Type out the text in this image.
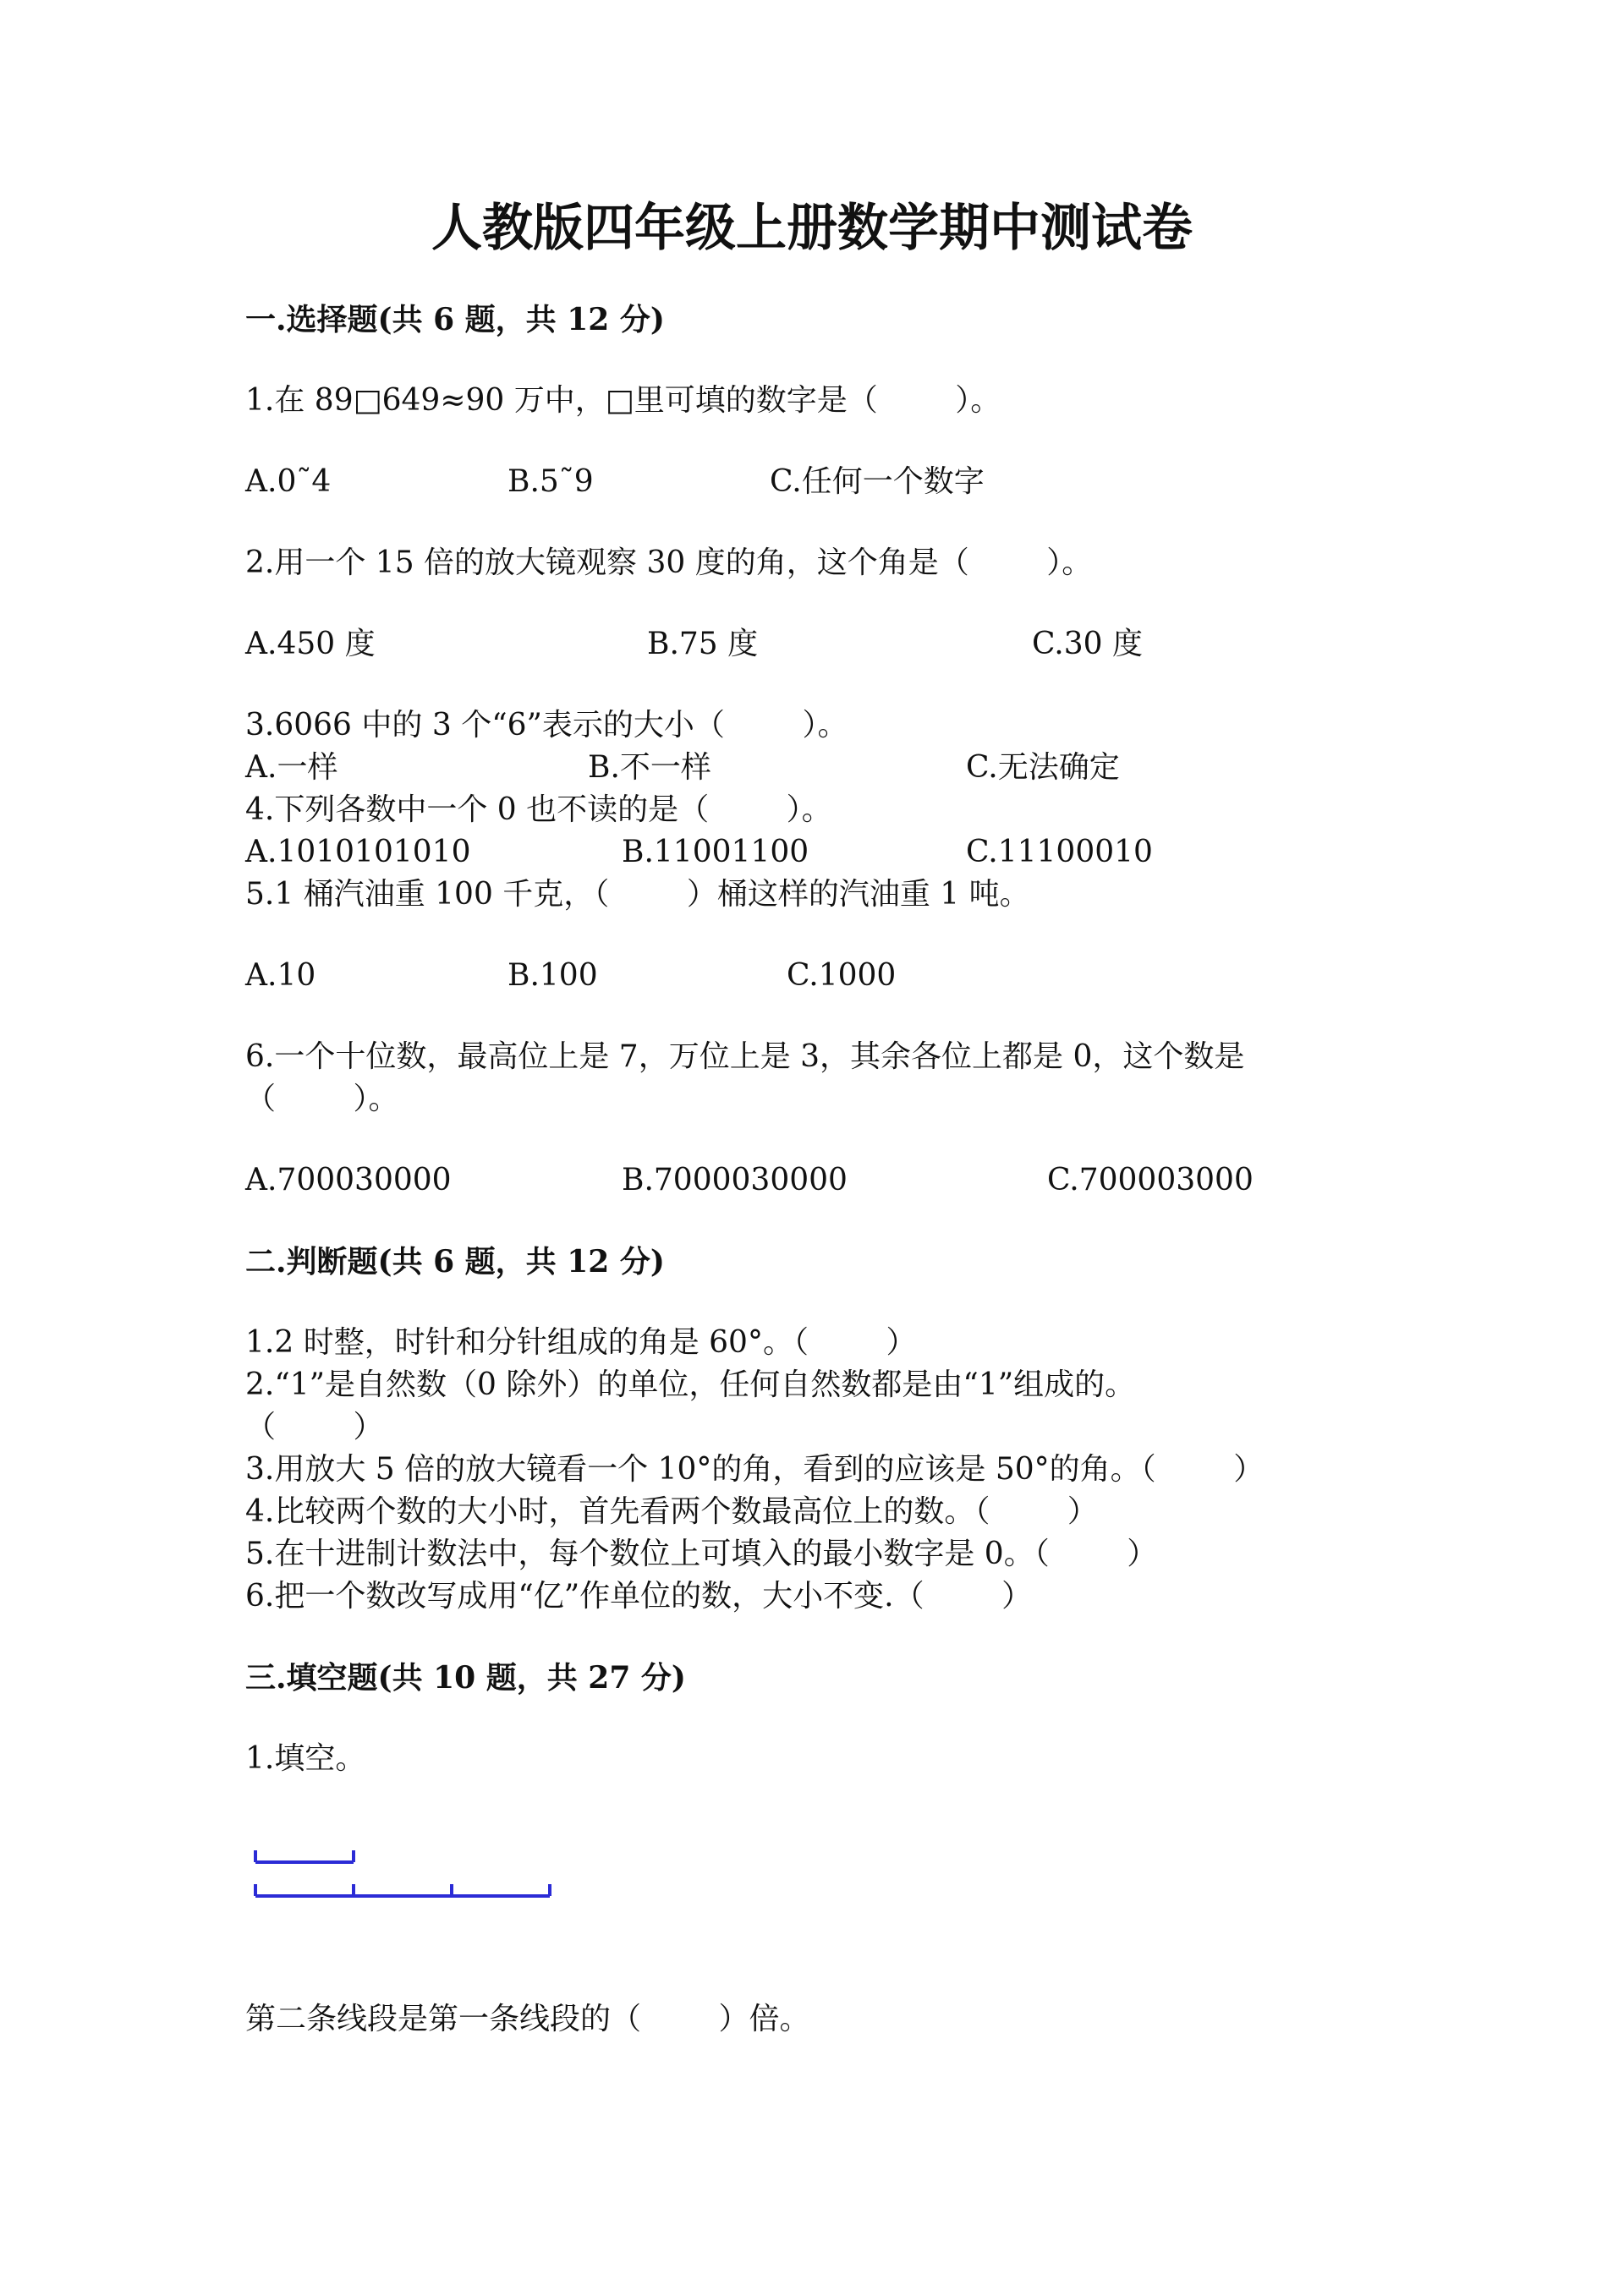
人教版四年级上册数学期中测试卷
一.选择题(共 6 题，共 12 分)
1.在 89□649≈90 万中，□里可填的数字是（        ）。
A.0˜4	B.5˜9	C.任何一个数字
2.用一个 15 倍的放大镜观察 30 度的角，这个角是（        ）。
A.450 度	B.75 度	C.30 度
3.6066 中的 3 个“6”表示的大小（        ）。
A.一样	B.不一样	C.无法确定
4.下列各数中一个 0 也不读的是（        ）。
A.1010101010	B.11001100	C.11100010
5.1 桶汽油重 100 千克，（        ）桶这样的汽油重 1 吨。
A.10	B.100	C.1000
6.一个十位数，最高位上是 7，万位上是 3，其余各位上都是 0，这个数是
（        ）。
A.700030000	B.7000030000	C.700003000
二.判断题(共 6 题，共 12 分)
1.2 时整，时针和分针组成的角是 60°。（        ）
2.“1”是自然数（0 除外）的单位，任何自然数都是由“1”组成的。
（        ）
3.用放大 5 倍的放大镜看一个 10°的角，看到的应该是 50°的角。（        ）
4.比较两个数的大小时，首先看两个数最高位上的数。（        ）
5.在十进制计数法中，每个数位上可填入的最小数字是 0。（        ）
6.把一个数改写成用“亿”作单位的数，大小不变.（        ）
三.填空题(共 10 题，共 27 分)
1.填空。
第二条线段是第一条线段的（        ）倍。
